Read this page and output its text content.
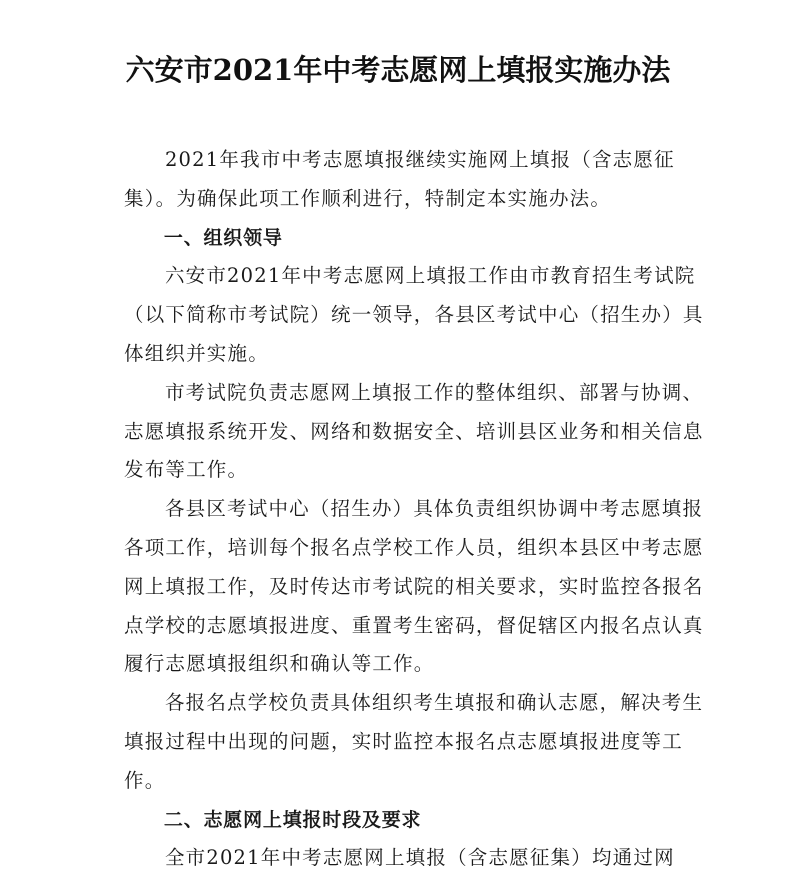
六安市2021年中考志愿网上填报实施办法

2021年我市中考志愿填报继续实施网上填报（含志愿征集）。为确保此项工作顺利进行，特制定本实施办法。

一、组织领导

六安市2021年中考志愿网上填报工作由市教育招生考试院（以下简称市考试院）统一领导，各县区考试中心（招生办）具体组织并实施。

市考试院负责志愿网上填报工作的整体组织、部署与协调、志愿填报系统开发、网络和数据安全、培训县区业务和相关信息发布等工作。

各县区考试中心（招生办）具体负责组织协调中考志愿填报各项工作，培训每个报名点学校工作人员，组织本县区中考志愿网上填报工作，及时传达市考试院的相关要求，实时监控各报名点学校的志愿填报进度、重置考生密码，督促辖区内报名点认真履行志愿填报组织和确认等工作。

各报名点学校负责具体组织考生填报和确认志愿，解决考生填报过程中出现的问题，实时监控本报名点志愿填报进度等工作。

二、志愿网上填报时段及要求

全市2021年中考志愿网上填报（含志愿征集）均通过网
